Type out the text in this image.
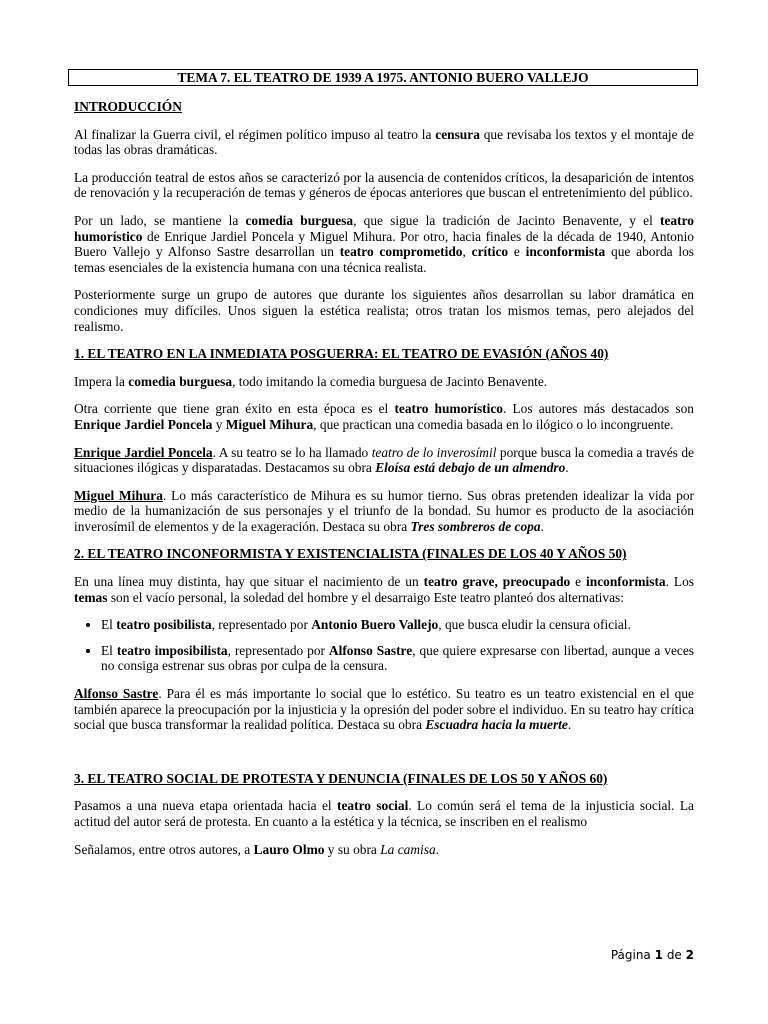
TEMA 7. EL TEATRO DE 1939 A 1975. ANTONIO BUERO VALLEJO
INTRODUCCIÓN

Al finalizar la Guerra civil, el régimen político impuso al teatro la censura que revisaba los textos y el montaje de todas las obras dramáticas.

La producción teatral de estos años se caracterizó por la ausencia de contenidos críticos, la desaparición de intentos de renovación y la recuperación de temas y géneros de épocas anteriores que buscan el entretenimiento del público.

Por un lado, se mantiene la comedia burguesa, que sigue la tradición de Jacinto Benavente, y el teatro humorístico de Enrique Jardiel Poncela y Miguel Mihura. Por otro, hacia finales de la década de 1940, Antonio Buero Vallejo y Alfonso Sastre desarrollan un teatro comprometido, crítico e inconformista que aborda los temas esenciales de la existencia humana con una técnica realista.

Posteriormente surge un grupo de autores que durante los siguientes años desarrollan su labor dramática en condiciones muy difíciles. Unos siguen la estética realista; otros tratan los mismos temas, pero alejados del realismo.

1. EL TEATRO EN LA INMEDIATA POSGUERRA: EL TEATRO DE EVASIÓN (AÑOS 40)

Impera la comedia burguesa, todo imitando la comedia burguesa de Jacinto Benavente.

Otra corriente que tiene gran éxito en esta época es el teatro humorístico. Los autores más destacados son Enrique Jardiel Poncela y Miguel Mihura, que practican una comedia basada en lo ilógico o lo incongruente.

Enrique Jardiel Poncela. A su teatro se lo ha llamado teatro de lo inverosímil porque busca la comedia a través de situaciones ilógicas y disparatadas. Destacamos su obra Eloísa está debajo de un almendro.

Miguel Mihura. Lo más característico de Mihura es su humor tierno. Sus obras pretenden idealizar la vida por medio de la humanización de sus personajes y el triunfo de la bondad. Su humor es producto de la asociación inverosímil de elementos y de la exageración. Destaca su obra Tres sombreros de copa.

2. EL TEATRO INCONFORMISTA Y EXISTENCIALISTA (FINALES DE LOS 40 Y AÑOS 50)

En una línea muy distinta, hay que situar el nacimiento de un teatro grave, preocupado e inconformista. Los temas son el vacío personal, la soledad del hombre y el desarraigo Este teatro planteó dos alternativas:

• El teatro posibilista, representado por Antonio Buero Vallejo, que busca eludir la censura oficial.
• El teatro imposibilista, representado por Alfonso Sastre, que quiere expresarse con libertad, aunque a veces no consiga estrenar sus obras por culpa de la censura.

Alfonso Sastre. Para él es más importante lo social que lo estético. Su teatro es un teatro existencial en el que también aparece la preocupación por la injusticia y la opresión del poder sobre el individuo. En su teatro hay crítica social que busca transformar la realidad política. Destaca su obra Escuadra hacia la muerte.

3. EL TEATRO SOCIAL DE PROTESTA Y DENUNCIA (FINALES DE LOS 50 Y AÑOS 60)

Pasamos a una nueva etapa orientada hacia el teatro social. Lo común será el tema de la injusticia social. La actitud del autor será de protesta. En cuanto a la estética y la técnica, se inscriben en el realismo

Señalamos, entre otros autores, a Lauro Olmo y su obra La camisa.

Página 1 de 2
